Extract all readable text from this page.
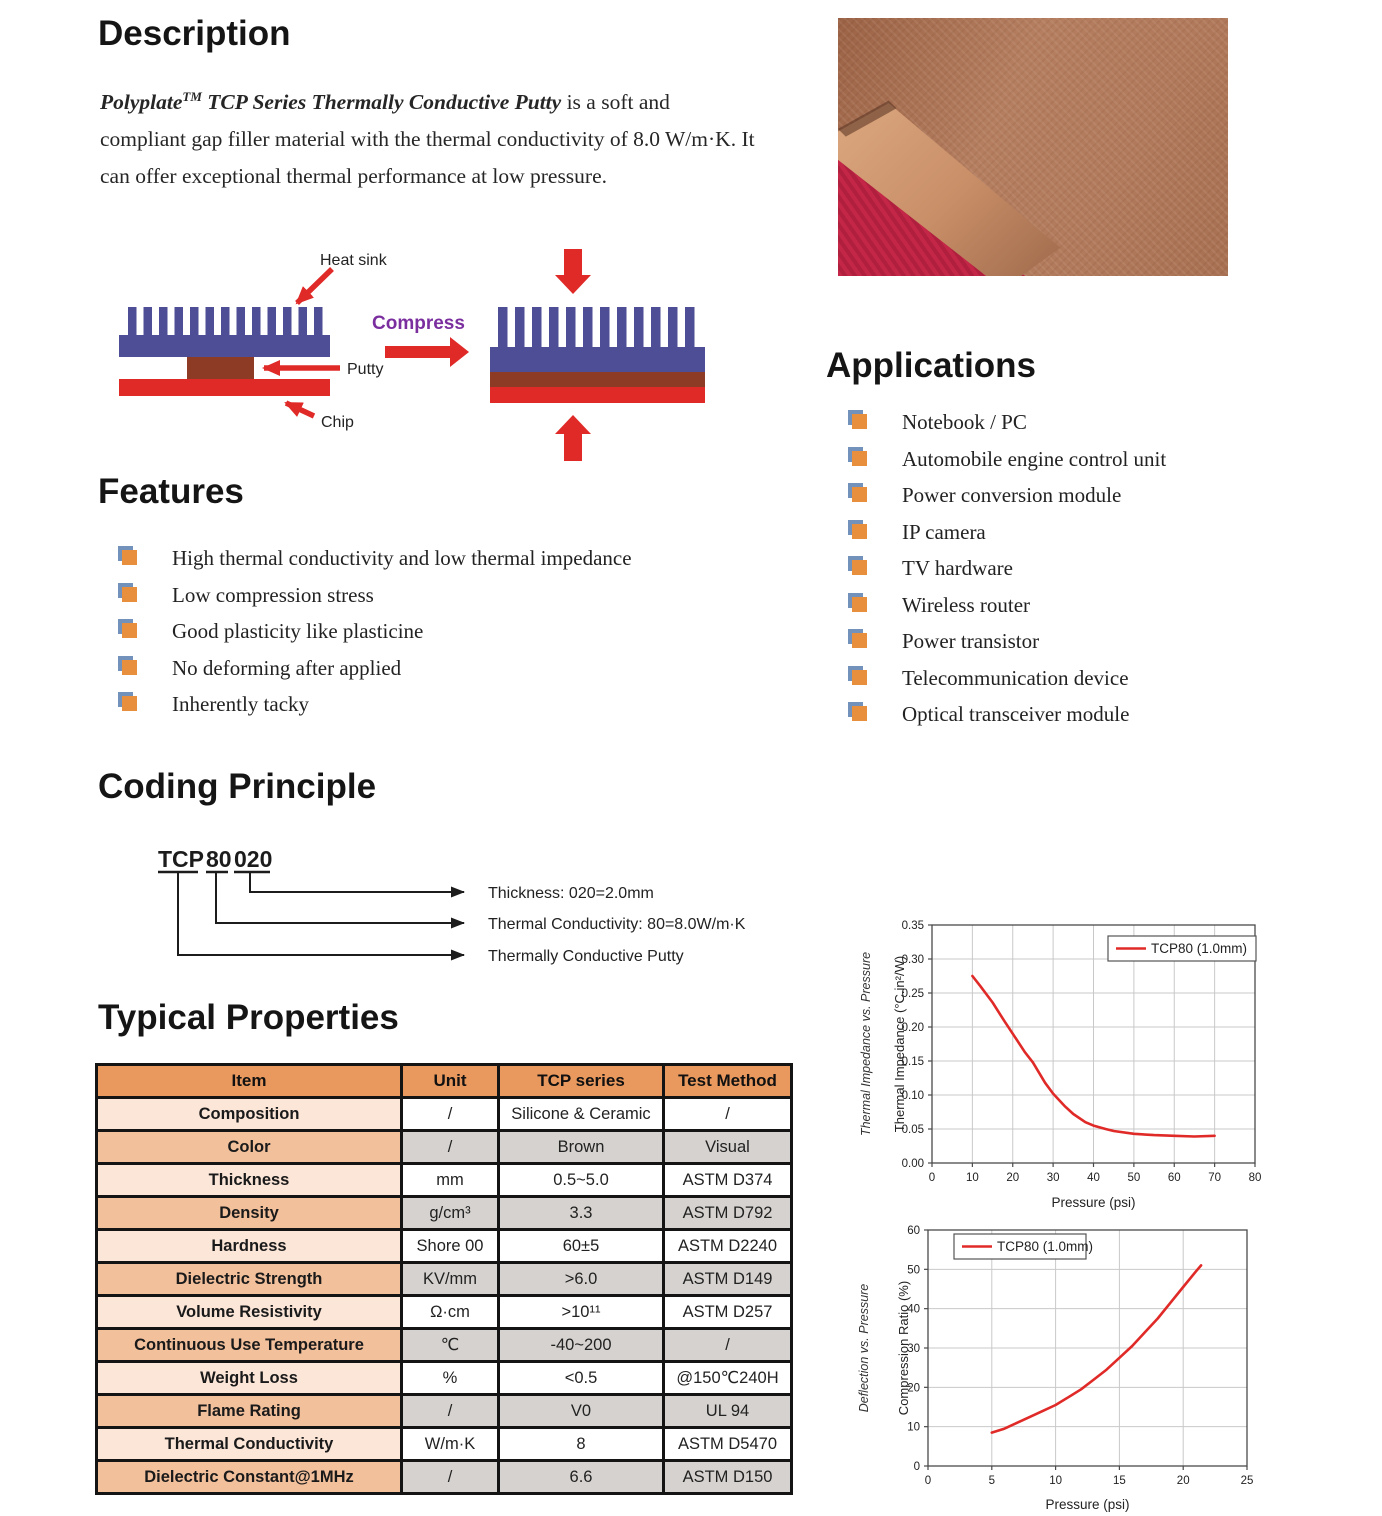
Description
Polyplate™ TCP Series Thermally Conductive Putty is a soft and compliant gap filler material with the thermal conductivity of 8.0 W/m·K. It can offer exceptional thermal performance at low pressure.
Heat sink
Putty
Chip
Compress
Features
High thermal conductivity and low thermal impedance
Low compression stress
Good plasticity like plasticine
No deforming after applied
Inherently tacky
Applications
Notebook / PC
Automobile engine control unit
Power conversion module
IP camera
TV hardware
Wireless router
Power transistor
Telecommunication device
Optical transceiver module
Coding Principle
TCP 80 020
Thickness: 020=2.0mm
Thermal Conductivity: 80=8.0W/m·K
Thermally Conductive Putty
Typical Properties
Item	Unit	TCP series	Test Method
Composition	/	Silicone & Ceramic	/
Color	/	Brown	Visual
Thickness	mm	0.5~5.0	ASTM D374
Density	g/cm³	3.3	ASTM D792
Hardness	Shore 00	60±5	ASTM D2240
Dielectric Strength	KV/mm	>6.0	ASTM D149
Volume Resistivity	Ω·cm	>10¹¹	ASTM D257
Continuous Use Temperature	℃	-40~200	/
Weight Loss	%	<0.5	@150℃240H
Flame Rating	/	V0	UL 94
Thermal Conductivity	W/m·K	8	ASTM D5470
Dielectric Constant@1MHz	/	6.6	ASTM D150
0	10 20 30 40 50 60 70 80
0.00
0.05
0.10
0.15
0.20
0.25
0.30
0.35
TCP80 (1.0mm)
Pressure (psi)
Thermal Impedance (°C.in²/W)
Thermal Impedance vs. Pressure
0	5	10	15	20	25
0
10
20
30
40
50
60
TCP80 (1.0mm)
Pressure (psi)
Compression Ratio (%)
Deflection vs. Pressure
